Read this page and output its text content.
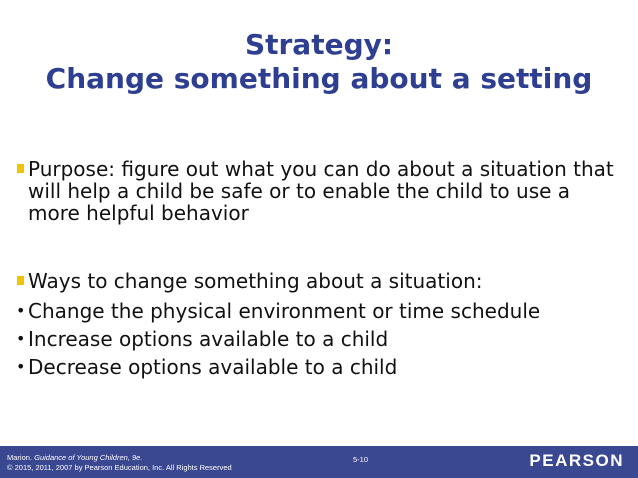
Strategy:
Change something about a setting
Purpose: figure out what you can do about a situation that will help a child be safe or to enable the child to use a more helpful behavior
Ways to change something about a situation:
• Change the physical environment or time schedule
• Increase options available to a child
• Decrease options available to a child
Marion. Guidance of Young Children, 9e.
© 2015, 2011, 2007 by Pearson Education, Inc. All Rights Reserved
5-10	PEARSON
